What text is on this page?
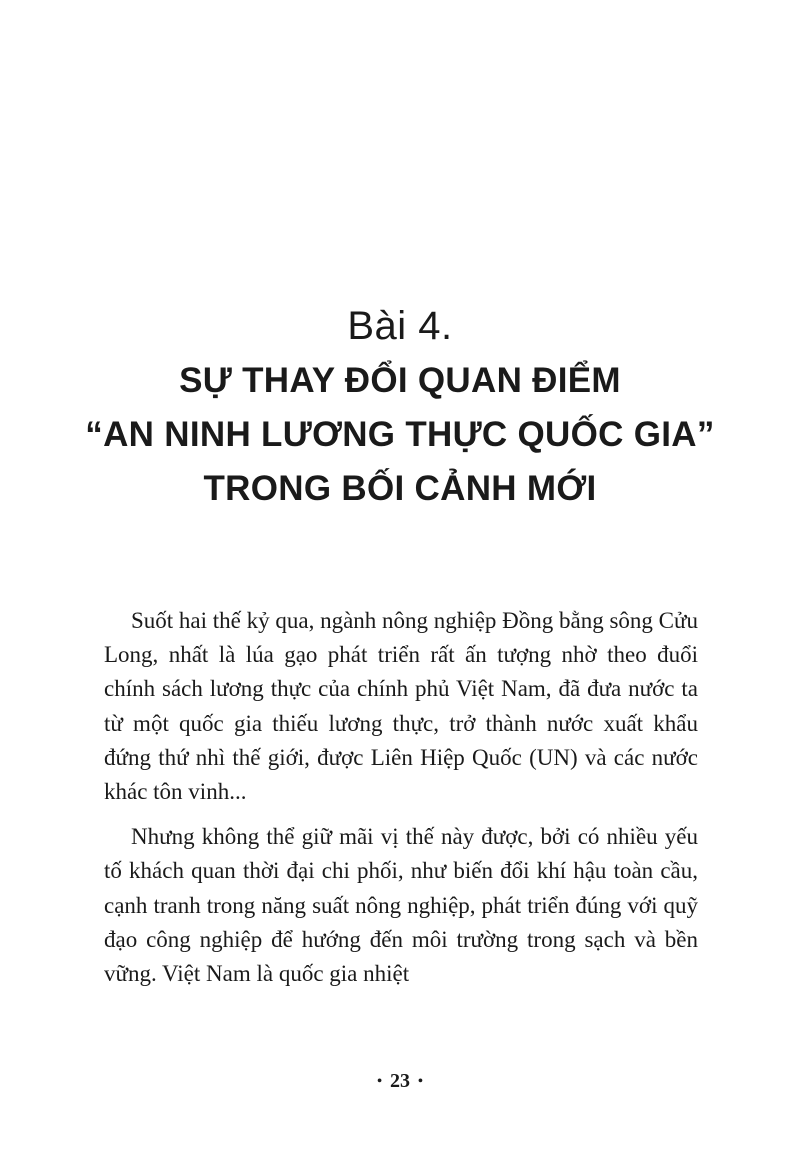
Bài 4.
SỰ THAY ĐỔI QUAN ĐIỂM
“AN NINH LƯƠNG THỰC QUỐC GIA”
TRONG BỐI CẢNH MỚI

Suốt hai thế kỷ qua, ngành nông nghiệp Đồng bằng sông Cửu Long, nhất là lúa gạo phát triển rất ấn tượng nhờ theo đuổi chính sách lương thực của chính phủ Việt Nam, đã đưa nước ta từ một quốc gia thiếu lương thực, trở thành nước xuất khẩu đứng thứ nhì thế giới, được Liên Hiệp Quốc (UN) và các nước khác tôn vinh...

Nhưng không thể giữ mãi vị thế này được, bởi có nhiều yếu tố khách quan thời đại chi phối, như biến đổi khí hậu toàn cầu, cạnh tranh trong năng suất nông nghiệp, phát triển đúng với quỹ đạo công nghiệp để hướng đến môi trường trong sạch và bền vững. Việt Nam là quốc gia nhiệt

• 23 •
